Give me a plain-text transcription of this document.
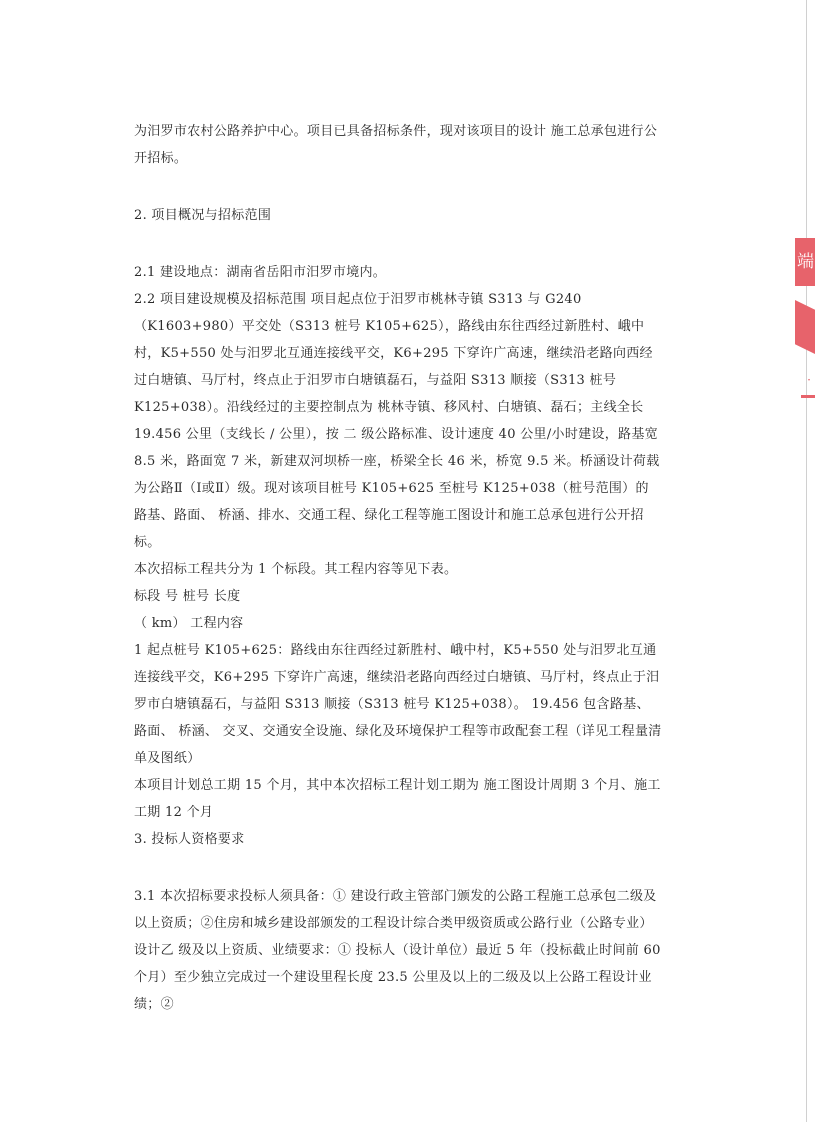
端
·

为汨罗市农村公路养护中心。项目已具备招标条件，现对该项目的设计 施工总承包进行公开招标。

2. 项目概况与招标范围

2.1 建设地点：湖南省岳阳市汨罗市境内。

2.2 项目建设规模及招标范围 项目起点位于汨罗市桃林寺镇 S313 与 G240（K1603+980）平交处（S313 桩号 K105+625），路线由东往西经过新胜村、峨中村，K5+550 处与汨罗北互通连接线平交，K6+295 下穿许广高速，继续沿老路向西经过白塘镇、马厅村，终点止于汨罗市白塘镇磊石，与益阳 S313 顺接（S313 桩号 K125+038）。沿线经过的主要控制点为 桃林寺镇、移风村、白塘镇、磊石；主线全长 19.456 公里（支线长 / 公里），按 二 级公路标准、设计速度 40 公里/小时建设，路基宽 8.5 米，路面宽 7 米，新建双河坝桥一座，桥梁全长 46 米，桥宽 9.5 米。桥涵设计荷载为公路Ⅱ（Ⅰ或Ⅱ）级。现对该项目桩号 K105+625 至桩号 K125+038（桩号范围）的 路基、路面、 桥涵、排水、交通工程、绿化工程等施工图设计和施工总承包进行公开招标。

本次招标工程共分为 1 个标段。其工程内容等见下表。

标段 号 桩号 长度

（ km） 工程内容

1 起点桩号 K105+625：路线由东往西经过新胜村、峨中村，K5+550 处与汨罗北互通连接线平交，K6+295 下穿许广高速，继续沿老路向西经过白塘镇、马厅村，终点止于汨罗市白塘镇磊石，与益阳 S313 顺接（S313 桩号 K125+038）。 19.456 包含路基、路面、 桥涵、 交叉、交通安全设施、绿化及环境保护工程等市政配套工程（详见工程量清单及图纸）

本项目计划总工期 15 个月，其中本次招标工程计划工期为 施工图设计周期 3 个月、施工工期 12 个月

3. 投标人资格要求

3.1 本次招标要求投标人须具备：① 建设行政主管部门颁发的公路工程施工总承包二级及以上资质；②住房和城乡建设部颁发的工程设计综合类甲级资质或公路行业（公路专业）设计乙 级及以上资质、业绩要求：① 投标人（设计单位）最近 5 年（投标截止时间前 60 个月）至少独立完成过一个建设里程长度 23.5 公里及以上的二级及以上公路工程设计业绩；②
